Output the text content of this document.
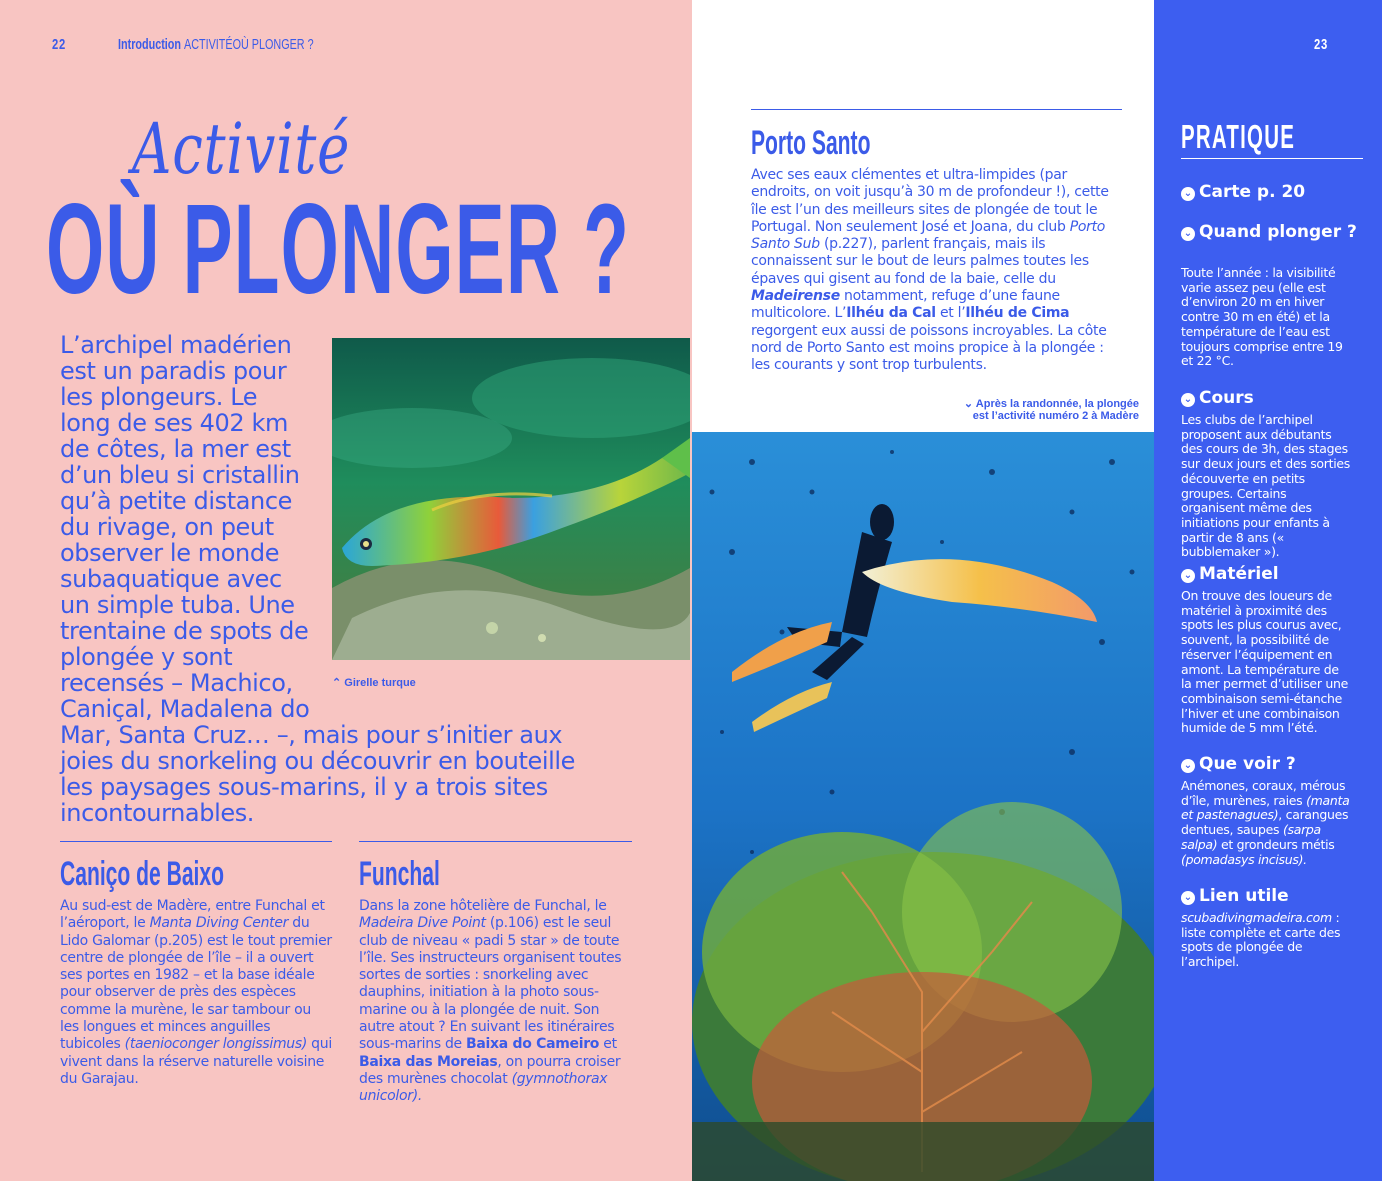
22	Introduction ACTIVITÉOÙ PLONGER ?	23
Activité
OÙ PLONGER ?
L’archipel madérien est un paradis pour les plongeurs. Le long de ses 402 km de côtes, la mer est d’un bleu si cristallin qu’à petite distance du rivage, on peut observer le monde subaquatique avec un simple tuba. Une trentaine de spots de plongée y sont recensés – Machico, Caniçal, Madalena do Mar, Santa Cruz… –, mais pour s’initier aux joies du snorkeling ou découvrir en bouteille les paysages sous-marins, il y a trois sites incontournables.
⌃ Girelle turque
Caniço de Baixo
Au sud-est de Madère, entre Funchal et l’aéroport, le Manta Diving Center du Lido Galomar (p.205) est le tout premier centre de plongée de l’île – il a ouvert ses portes en 1982 – et la base idéale pour observer de près des espèces comme la murène, le sar tambour ou les longues et minces anguilles tubicoles (taenioconger longissimus) qui vivent dans la réserve naturelle voisine du Garajau.
Funchal
Dans la zone hôtelière de Funchal, le Madeira Dive Point (p.106) est le seul club de niveau « padi 5 star » de toute l’île. Ses instructeurs organisent toutes sortes de sorties : snorkeling avec dauphins, initiation à la photo sous-marine ou à la plongée de nuit. Son autre atout ? En suivant les itinéraires sous-marins de Baixa do Cameiro et Baixa das Moreias, on pourra croiser des murènes chocolat (gymnothorax unicolor).
Porto Santo
Avec ses eaux clémentes et ultra-limpides (par endroits, on voit jusqu’à 30 m de profondeur !), cette île est l’un des meilleurs sites de plongée de tout le Portugal. Non seulement José et Joana, du club Porto Santo Sub (p.227), parlent français, mais ils connaissent sur le bout de leurs palmes toutes les épaves qui gisent au fond de la baie, celle du Madeirense notamment, refuge d’une faune multicolore. L’Ilhéu da Cal et l’Ilhéu de Cima regorgent eux aussi de poissons incroyables. La côte nord de Porto Santo est moins propice à la plongée : les courants y sont trop turbulents.
⌄ Après la randonnée, la plongée
est l’activité numéro 2 à Madère
PRATIQUE
⌄ Carte p. 20
⌄ Quand plonger ?
Toute l’année : la visibilité varie assez peu (elle est d’environ 20 m en hiver contre 30 m en été) et la température de l’eau est toujours comprise entre 19 et 22 °C.
⌄ Cours
Les clubs de l’archipel proposent aux débutants des cours de 3h, des stages sur deux jours et des sorties découverte en petits groupes. Certains organisent même des initiations pour enfants à partir de 8 ans (« bubblemaker »).
⌄ Matériel
On trouve des loueurs de matériel à proximité des spots les plus courus avec, souvent, la possibilité de réserver l’équipement en amont. La température de la mer permet d’utiliser une combinaison semi-étanche l’hiver et une combinaison humide de 5 mm l’été.
⌄ Que voir ?
Anémones, coraux, mérous d’île, murènes, raies (manta et pastenagues), carangues dentues, saupes (sarpa salpa) et grondeurs métis (pomadasys incisus).
⌄ Lien utile
scubadivingmadeira.com : liste complète et carte des spots de plongée de l’archipel.
